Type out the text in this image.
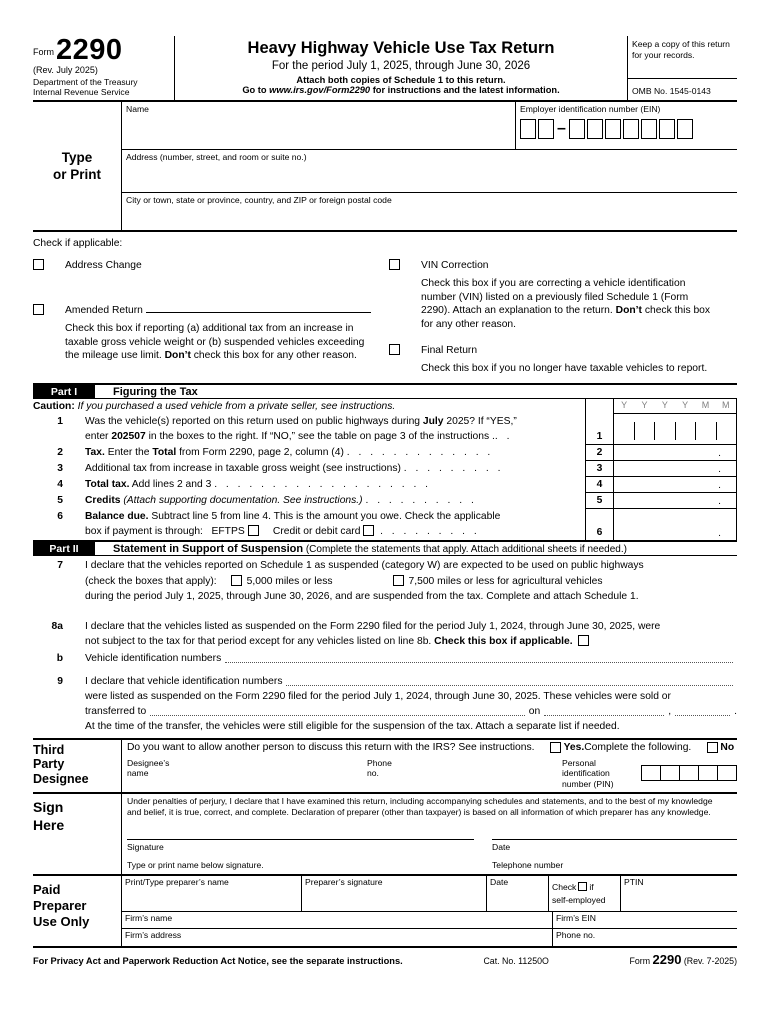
$^{Form}$2290
(Rev. July 2025)
Department of the Treasury
Internal Revenue Service
Heavy Highway Vehicle Use Tax Return
For the period July 1, 2025, through June 30, 2026
Attach both copies of Schedule 1 to this return.
Go to www.irs.gov/Form2290 for instructions and the latest information.
Keep a copy of this return for your records.
OMB No. 1545-0143
Type
or Print
Name	Employer identification number (EIN)
–
Address (number, street, and room or suite no.)
City or town, state or province, country, and ZIP or foreign postal code
Check if applicable:
Address Change
Amended Return
Check this box if reporting (a) additional tax from an increase in taxable gross vehicle weight or (b) suspended vehicles exceeding the mileage use limit. Don’t check this box for any other reason.
VIN Correction
Check this box if you are correcting a vehicle identification number (VIN) listed on a previously filed Schedule 1 (Form 2290). Attach an explanation to the return. Don’t check this box for any other reason.
Final Return
Check this box if you no longer have taxable vehicles to report.
Part I	Figuring the Tax
Caution: If you purchased a used vehicle from a private seller, see instructions.	Y	Y	Y	Y	M	M
1 Was the vehicle(s) reported on this return used on public highways during July 2025? If “YES,”
enter 202507 in the boxes to the right. If “NO,” see the table on page 3 of the instructions .. .	1
2	Tax. Enter the Total from Form 2290, page 2, column (4) . . . . . . . . . . . . .	2	.
3	Additional tax from increase in taxable gross weight (see instructions) . . . . . . . . .	3	.
4	Total tax. Add lines 2 and 3 . . . . . . . . . . . . . . . . . . .	4	.
5	Credits (Attach supporting documentation. See instructions.) . . . . . . . . . .	5	.
6 Balance due. Subtract line 5 from line 4. This is the amount you owe. Check the applicable
box if payment is through: EFTPS	Credit or debit card . . . . . . . . .	6	.
Part II	Statement in Support of Suspension (Complete the statements that apply. Attach additional sheets if needed.)
7 I declare that the vehicles reported on Schedule 1 as suspended (category W) are expected to be used on public highways
(check the boxes that apply):	5,000 miles or less	7,500 miles or less for agricultural vehicles
during the period July 1, 2025, through June 30, 2026, and are suspended from the tax. Complete and attach Schedule 1.
8a I declare that the vehicles listed as suspended on the Form 2290 filed for the period July 1, 2024, through June 30, 2025, were
not subject to the tax for that period except for any vehicles listed on line 8b. Check this box if applicable.
b Vehicle identification numbers
9 I declare that vehicle identification numbers
were listed as suspended on the Form 2290 filed for the period July 1, 2024, through June 30, 2025. These vehicles were sold or
transferred to	on	,	.
At the time of the transfer, the vehicles were still eligible for the suspension of the tax. Attach a separate list if needed.
Third
Party
Designee
Do you want to allow another person to discuss this return with the IRS? See instructions.
	Yes. Complete the following.
	No

Designee’s
name
Phone
no.
Personal identification
number (PIN)
Sign
Here
Under penalties of perjury, I declare that I have examined this return, including accompanying schedules and statements, and to the best of my knowledge
and belief, it is true, correct, and complete. Declaration of preparer (other than taxpayer) is based on all information of which preparer has any knowledge.
Signature
Type or print name below signature.
Date
Telephone number
Paid
Preparer
Use Only
Print/Type preparer’s name	Preparer’s signature	Date	Check if
self-employed
PTIN
Firm’s name	Firm’s EIN
Firm’s address	Phone no.
For Privacy Act and Paperwork Reduction Act Notice, see the separate instructions.	Cat. No. 11250O	Form 2290 (Rev. 7-2025)
